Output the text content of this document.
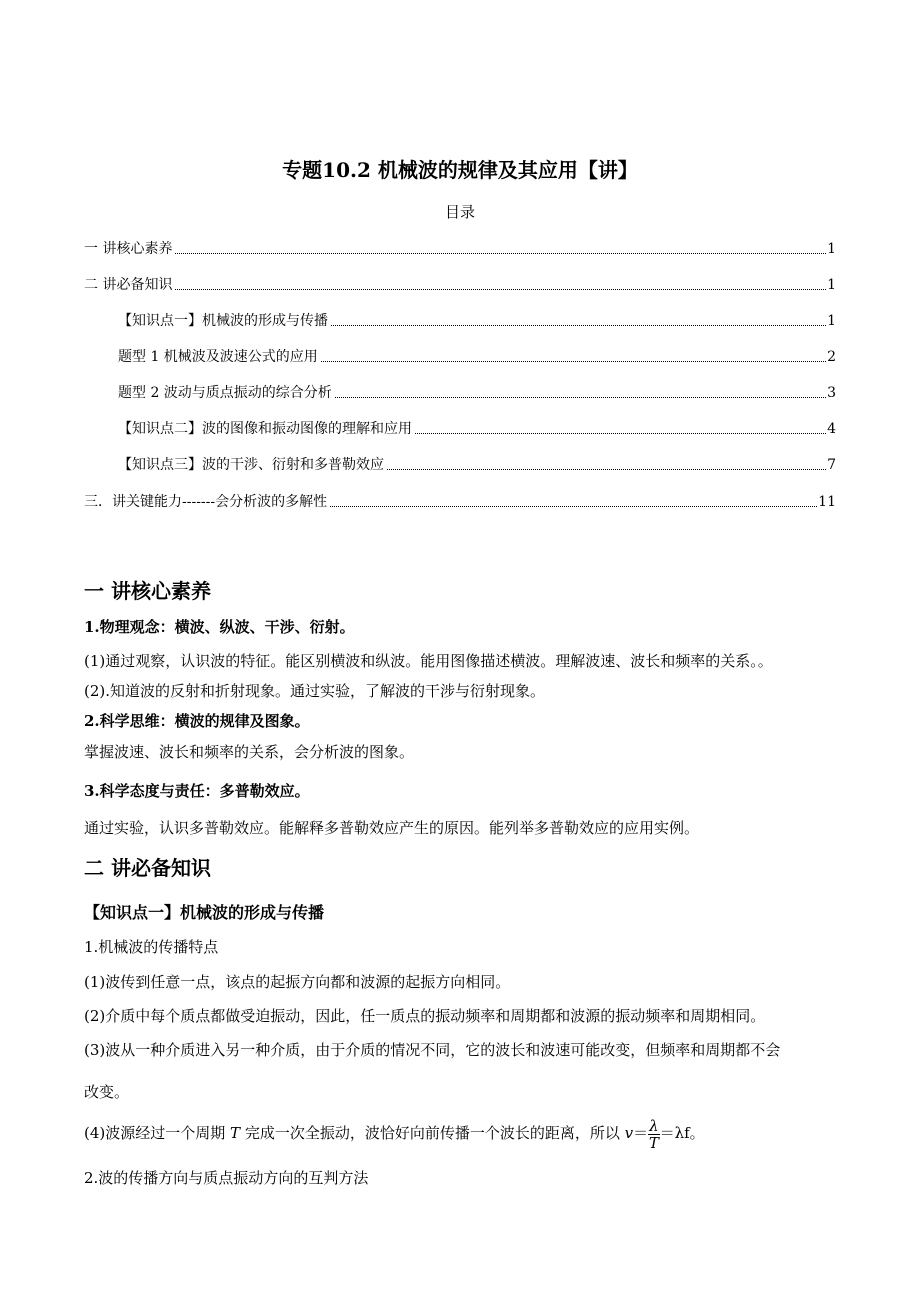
专题10.2 机械波的规律及其应用【讲】
目录
一 讲核心素养	1
二 讲必备知识	1
【知识点一】机械波的形成与传播	1
题型 1 机械波及波速公式的应用	2
题型 2 波动与质点振动的综合分析	3
【知识点二】波的图像和振动图像的理解和应用	4
【知识点三】波的干涉、衍射和多普勒效应	7
三．讲关键能力-------会分析波的多解性	11
一 讲核心素养
1.物理观念：横波、纵波、干涉、衍射。
(1)通过观察，认识波的特征。能区别横波和纵波。能用图像描述横波。理解波速、波长和频率的关系。。
(2).知道波的反射和折射现象。通过实验，了解波的干涉与衍射现象。
2.科学思维：横波的规律及图象。
掌握波速、波长和频率的关系，会分析波的图象。
3.科学态度与责任：多普勒效应。
通过实验，认识多普勒效应。能解释多普勒效应产生的原因。能列举多普勒效应的应用实例。
二 讲必备知识
【知识点一】机械波的形成与传播
1.机械波的传播特点
(1)波传到任意一点，该点的起振方向都和波源的起振方向相同。
(2)介质中每个质点都做受迫振动，因此，任一质点的振动频率和周期都和波源的振动频率和周期相同。
(3)波从一种介质进入另一种介质，由于介质的情况不同，它的波长和波速可能改变，但频率和周期都不会
改变。
(4)波源经过一个周期 T 完成一次全振动，波恰好向前传播一个波长的距离，所以 $v= \frac{\lambda}{T} =\lambda f$。
2.波的传播方向与质点振动方向的互判方法
